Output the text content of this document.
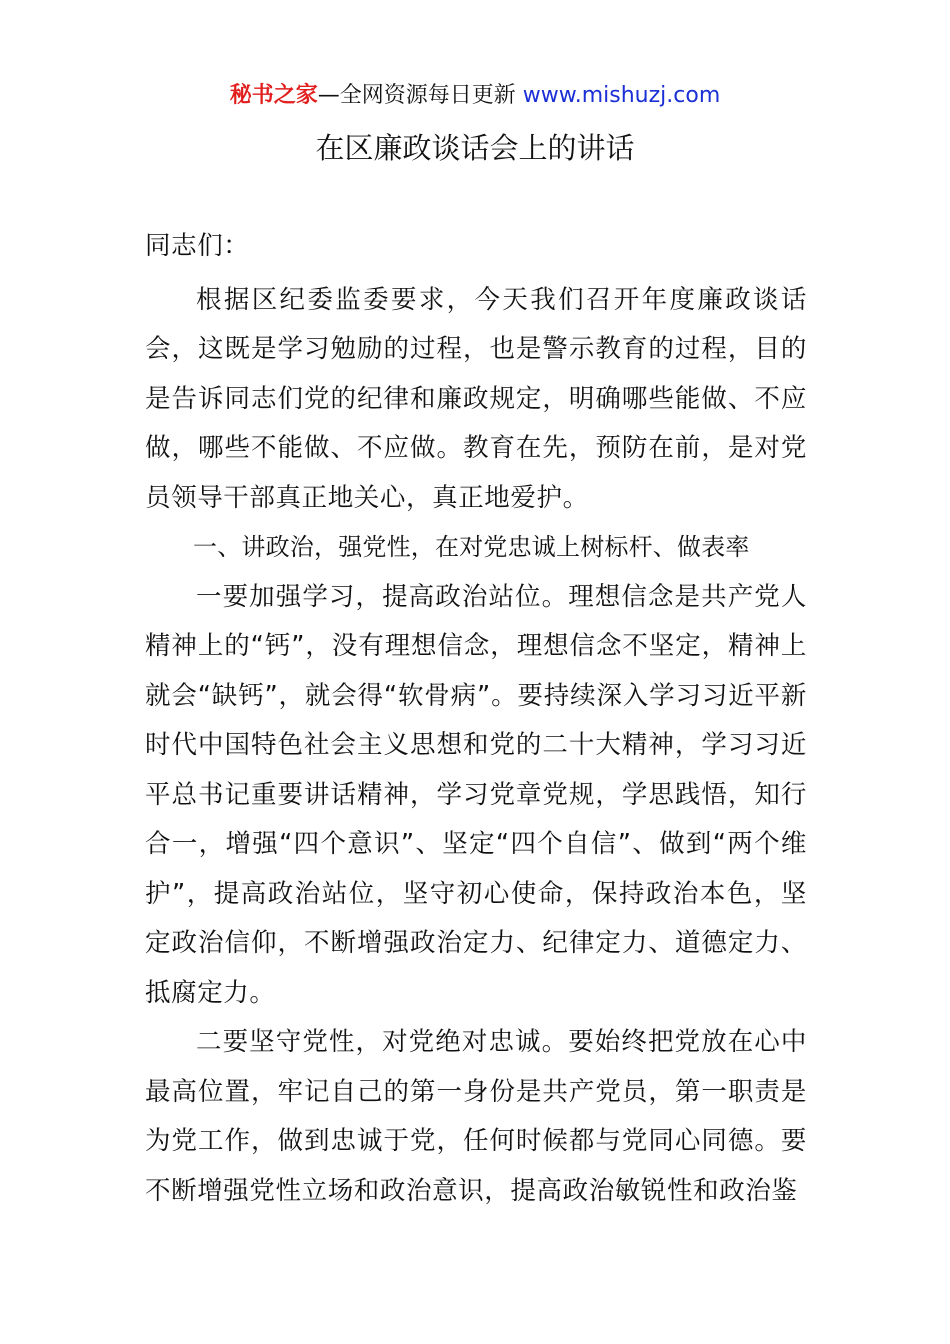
秘书之家—全网资源每日更新 www.mishuzj.com
在区廉政谈话会上的讲话

同志们：

根据区纪委监委要求，今天我们召开年度廉政谈话会，这既是学习勉励的过程，也是警示教育的过程，目的是告诉同志们党的纪律和廉政规定，明确哪些能做、不应做，哪些不能做、不应做。教育在先，预防在前，是对党员领导干部真正地关心，真正地爱护。

一、讲政治，强党性，在对党忠诚上树标杆、做表率

一要加强学习，提高政治站位。理想信念是共产党人精神上的“钙”，没有理想信念，理想信念不坚定，精神上就会“缺钙”，就会得“软骨病”。要持续深入学习习近平新时代中国特色社会主义思想和党的二十大精神，学习习近平总书记重要讲话精神，学习党章党规，学思践悟，知行合一，增强“四个意识”、坚定“四个自信”、做到“两个维护”，提高政治站位，坚守初心使命，保持政治本色，坚定政治信仰，不断增强政治定力、纪律定力、道德定力、抵腐定力。

二要坚守党性，对党绝对忠诚。要始终把党放在心中最高位置，牢记自己的第一身份是共产党员，第一职责是为党工作，做到忠诚于党，任何时候都与党同心同德。要不断增强党性立场和政治意识，提高政治敏锐性和政治鉴
